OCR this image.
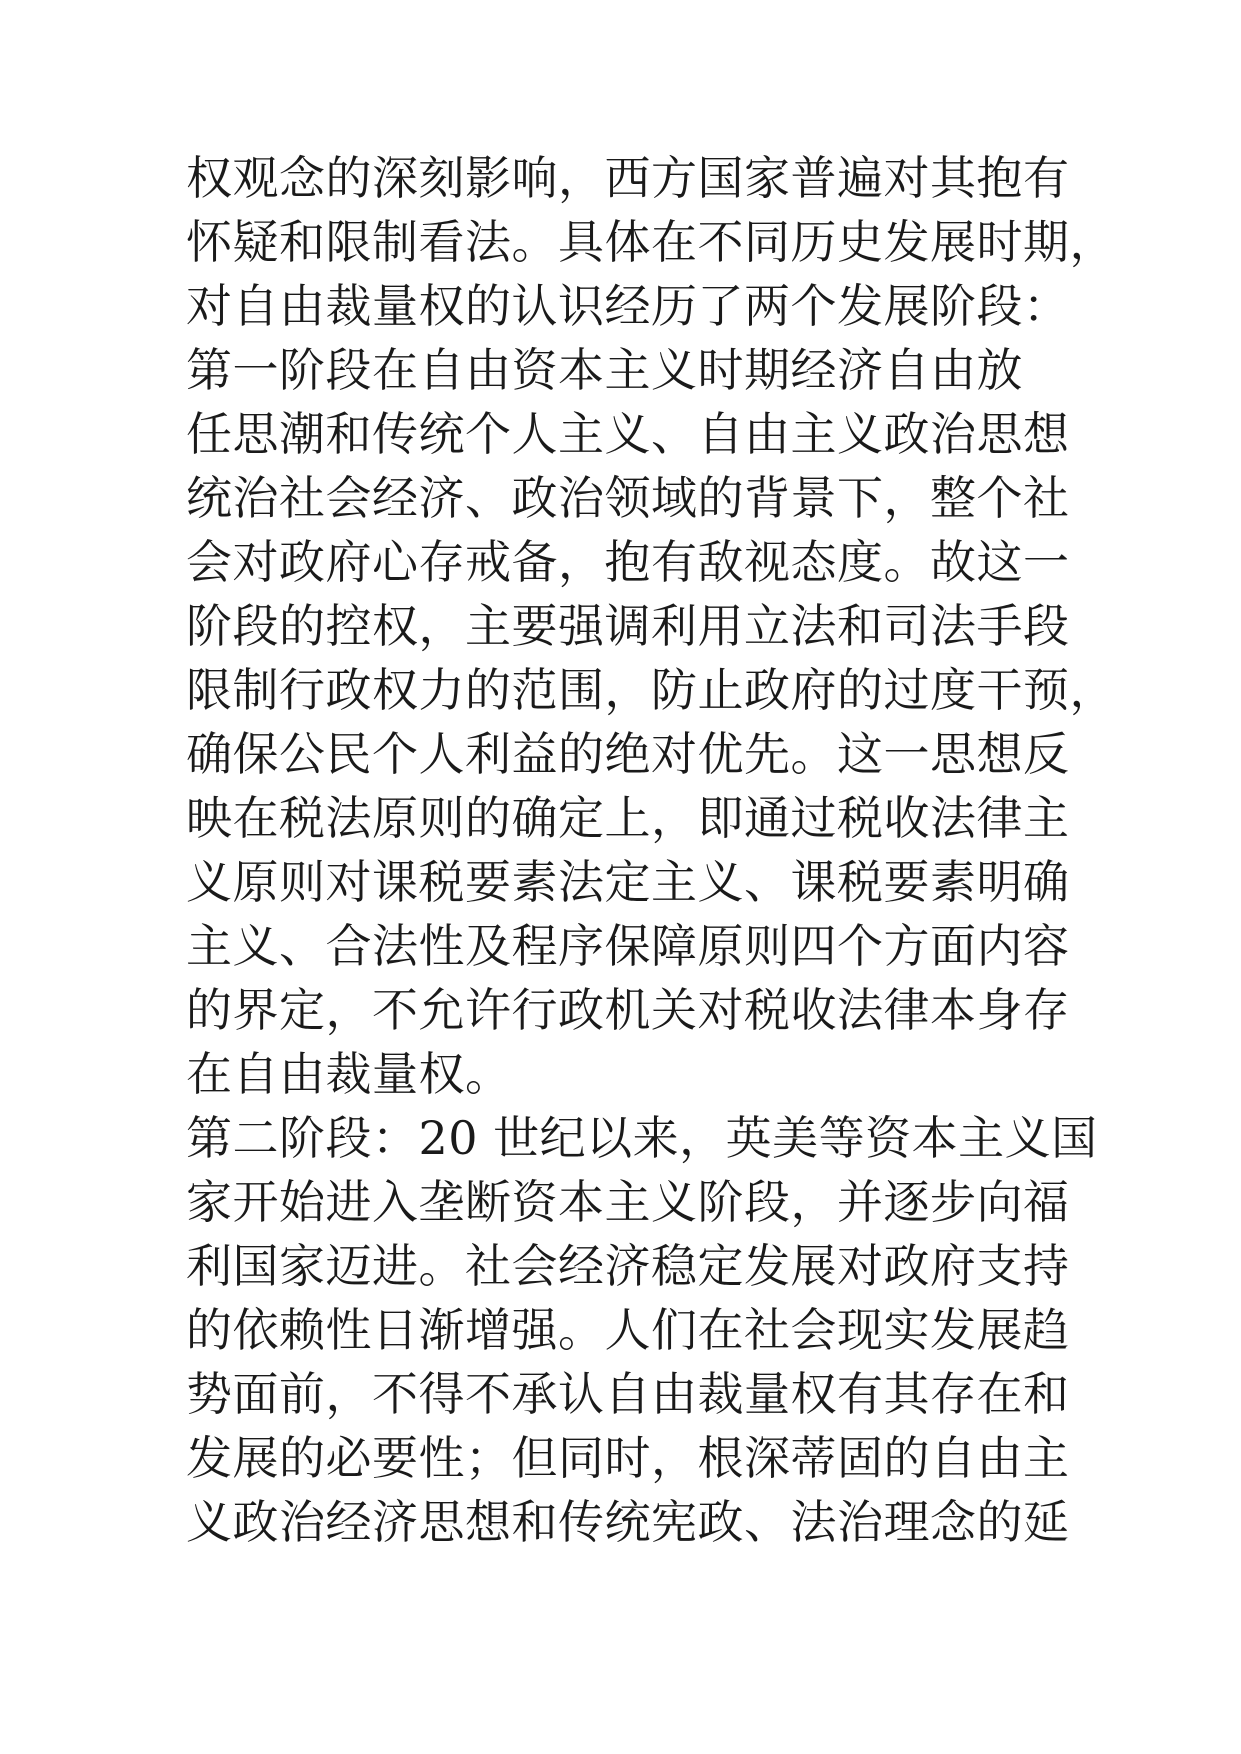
权观念的深刻影响，西方国家普遍对其抱有
怀疑和限制看法。具体在不同历史发展时期，
对自由裁量权的认识经历了两个发展阶段：
第一阶段在自由资本主义时期经济自由放
任思潮和传统个人主义、自由主义政治思想
统治社会经济、政治领域的背景下，整个社
会对政府心存戒备，抱有敌视态度。故这一
阶段的控权，主要强调利用立法和司法手段
限制行政权力的范围，防止政府的过度干预，
确保公民个人利益的绝对优先。这一思想反
映在税法原则的确定上，即通过税收法律主
义原则对课税要素法定主义、课税要素明确
主义、合法性及程序保障原则四个方面内容
的界定，不允许行政机关对税收法律本身存
在自由裁量权。
第二阶段：20 世纪以来，英美等资本主义国
家开始进入垄断资本主义阶段，并逐步向福
利国家迈进。社会经济稳定发展对政府支持
的依赖性日渐增强。人们在社会现实发展趋
势面前，不得不承认自由裁量权有其存在和
发展的必要性；但同时，根深蒂固的自由主
义政治经济思想和传统宪政、法治理念的延
